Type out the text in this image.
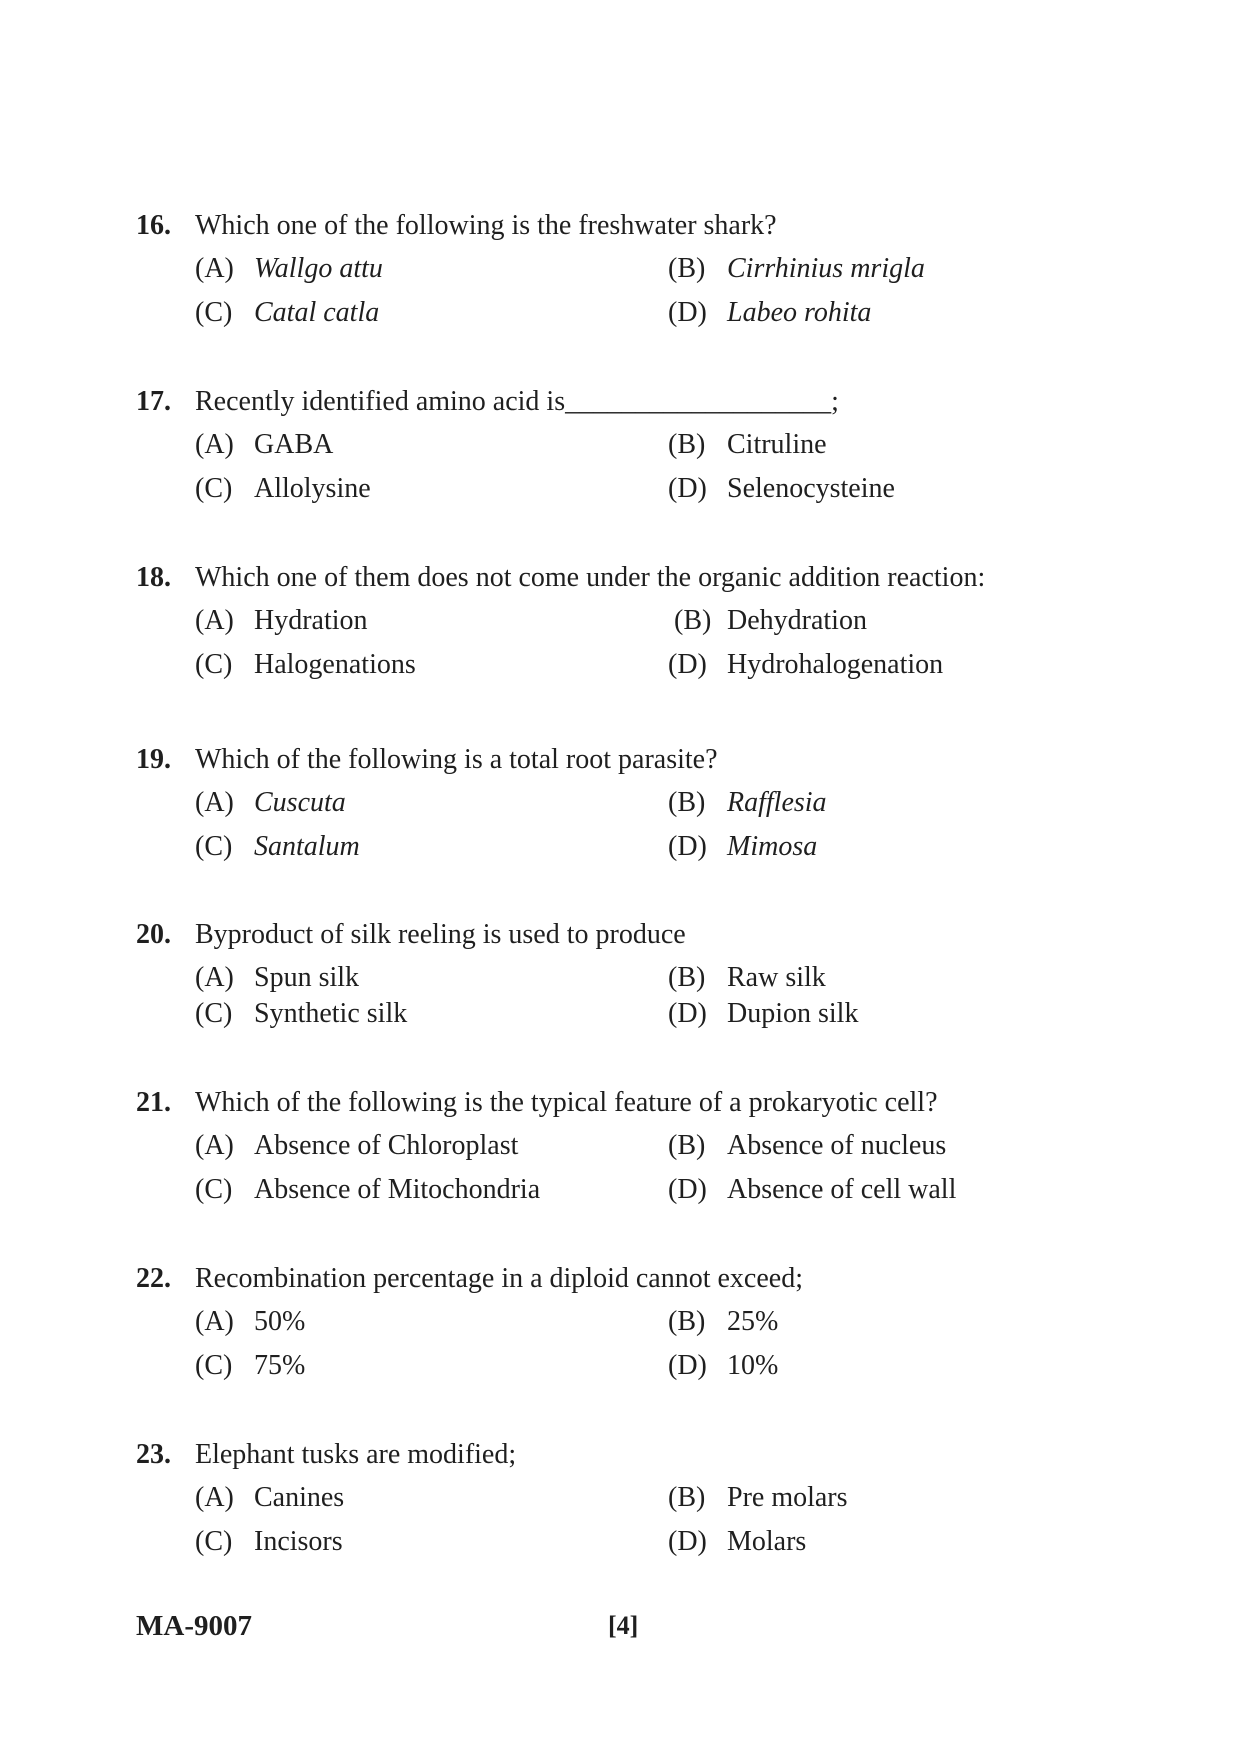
16. Which one of the following is the freshwater shark?
(A) Wallgo attu	(B) Cirrhinius mrigla
(C) Catal catla	(D) Labeo rohita
17. Recently identified amino acid is___________________;
(A) GABA	(B) Citruline
(C) Allolysine	(D) Selenocysteine
18. Which one of them does not come under the organic addition reaction:
(A) Hydration	(B) Dehydration
(C) Halogenations	(D) Hydrohalogenation
19. Which of the following is a total root parasite?
(A) Cuscuta	(B) Rafflesia
(C) Santalum	(D) Mimosa
20. Byproduct of silk reeling is used to produce
(A) Spun silk	(B) Raw silk
(C) Synthetic silk	(D) Dupion silk
21. Which of the following is the typical feature of a prokaryotic cell?
(A) Absence of Chloroplast	(B) Absence of nucleus
(C) Absence of Mitochondria	(D) Absence of cell wall
22. Recombination percentage in a diploid cannot exceed;
(A) 50%	(B) 25%
(C) 75%	(D) 10%
23. Elephant tusks are modified;
(A) Canines	(B) Pre molars
(C) Incisors	(D) Molars
MA-9007	[4]
